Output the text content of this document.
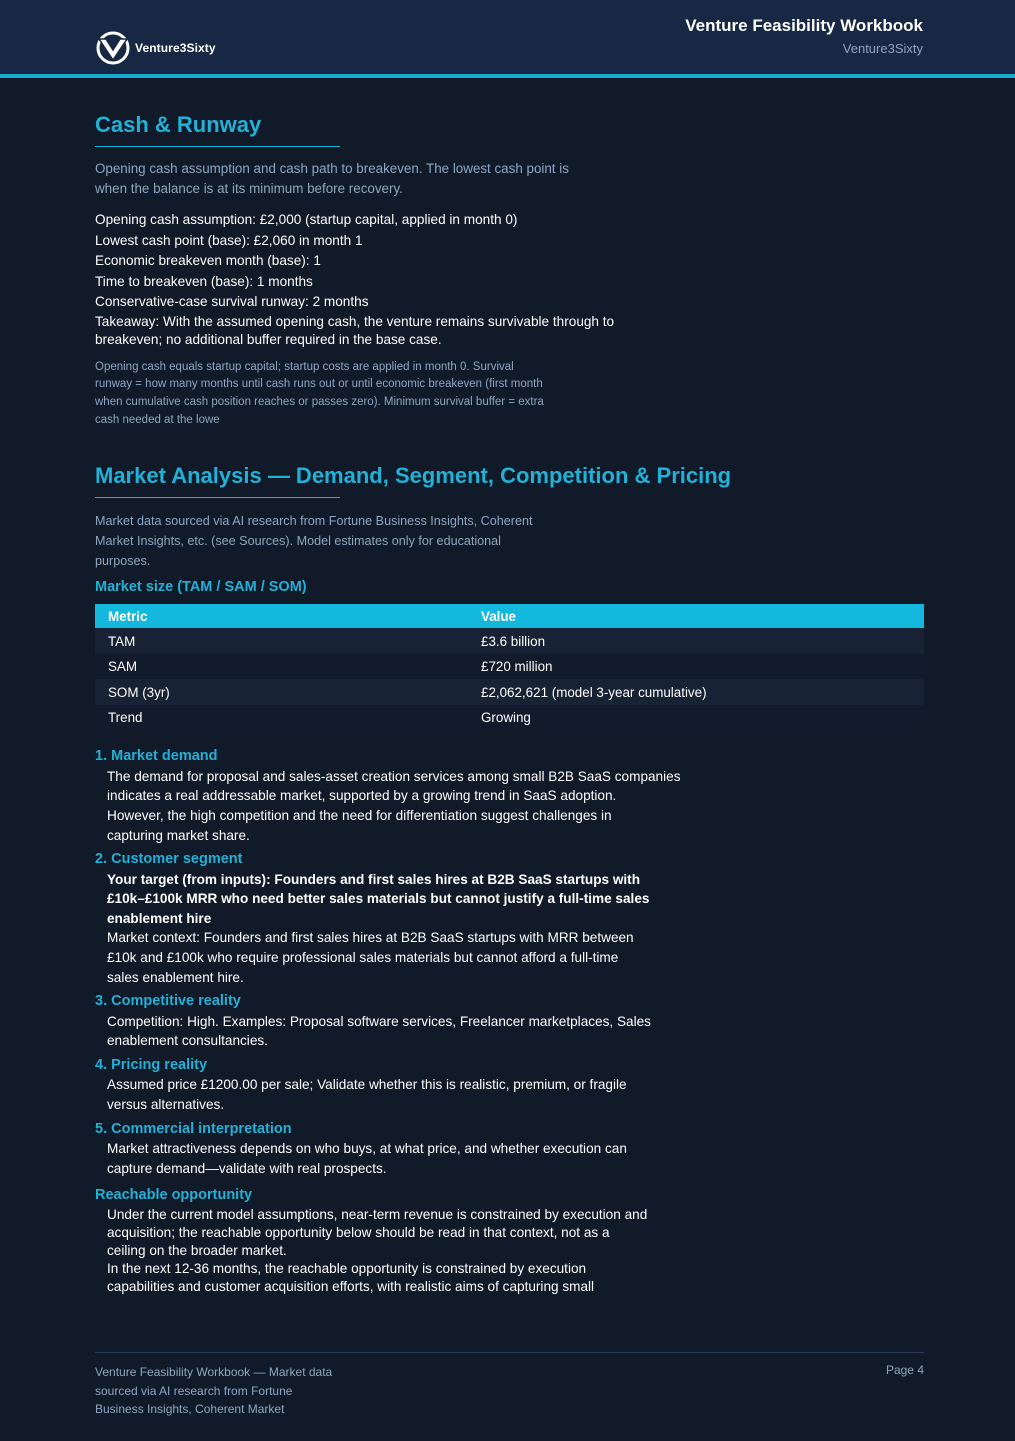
Venture3Sixty
Venture Feasibility Workbook
Venture3Sixty
Cash & Runway
Opening cash assumption and cash path to breakeven. The lowest cash point is
when the balance is at its minimum before recovery.
Opening cash assumption: £2,000 (startup capital, applied in month 0)
Lowest cash point (base): £2,060 in month 1
Economic breakeven month (base): 1
Time to breakeven (base): 1 months
Conservative-case survival runway: 2 months
Takeaway: With the assumed opening cash, the venture remains survivable through to
breakeven; no additional buffer required in the base case.
Opening cash equals startup capital; startup costs are applied in month 0. Survival
runway = how many months until cash runs out or until economic breakeven (first month
when cumulative cash position reaches or passes zero). Minimum survival buffer = extra
cash needed at the lowe
Market Analysis — Demand, Segment, Competition & Pricing
Market data sourced via AI research from Fortune Business Insights, Coherent
Market Insights, etc. (see Sources). Model estimates only for educational
purposes.
Market size (TAM / SAM / SOM)
Metric	Value
TAM	£3.6 billion
SAM	£720 million
SOM (3yr)	£2,062,621 (model 3-year cumulative)
Trend	Growing
1. Market demand
The demand for proposal and sales-asset creation services among small B2B SaaS companies
indicates a real addressable market, supported by a growing trend in SaaS adoption.
However, the high competition and the need for differentiation suggest challenges in
capturing market share.
2. Customer segment
Your target (from inputs): Founders and first sales hires at B2B SaaS startups with
£10k–£100k MRR who need better sales materials but cannot justify a full-time sales
enablement hire
Market context: Founders and first sales hires at B2B SaaS startups with MRR between
£10k and £100k who require professional sales materials but cannot afford a full-time
sales enablement hire.
3. Competitive reality
Competition: High. Examples: Proposal software services, Freelancer marketplaces, Sales
enablement consultancies.
4. Pricing reality
Assumed price £1200.00 per sale; Validate whether this is realistic, premium, or fragile
versus alternatives.
5. Commercial interpretation
Market attractiveness depends on who buys, at what price, and whether execution can
capture demand—validate with real prospects.
Reachable opportunity
Under the current model assumptions, near-term revenue is constrained by execution and
acquisition; the reachable opportunity below should be read in that context, not as a
ceiling on the broader market.
In the next 12-36 months, the reachable opportunity is constrained by execution
capabilities and customer acquisition efforts, with realistic aims of capturing small
Venture Feasibility Workbook — Market data
sourced via AI research from Fortune
Business Insights, Coherent Market
Page 4
